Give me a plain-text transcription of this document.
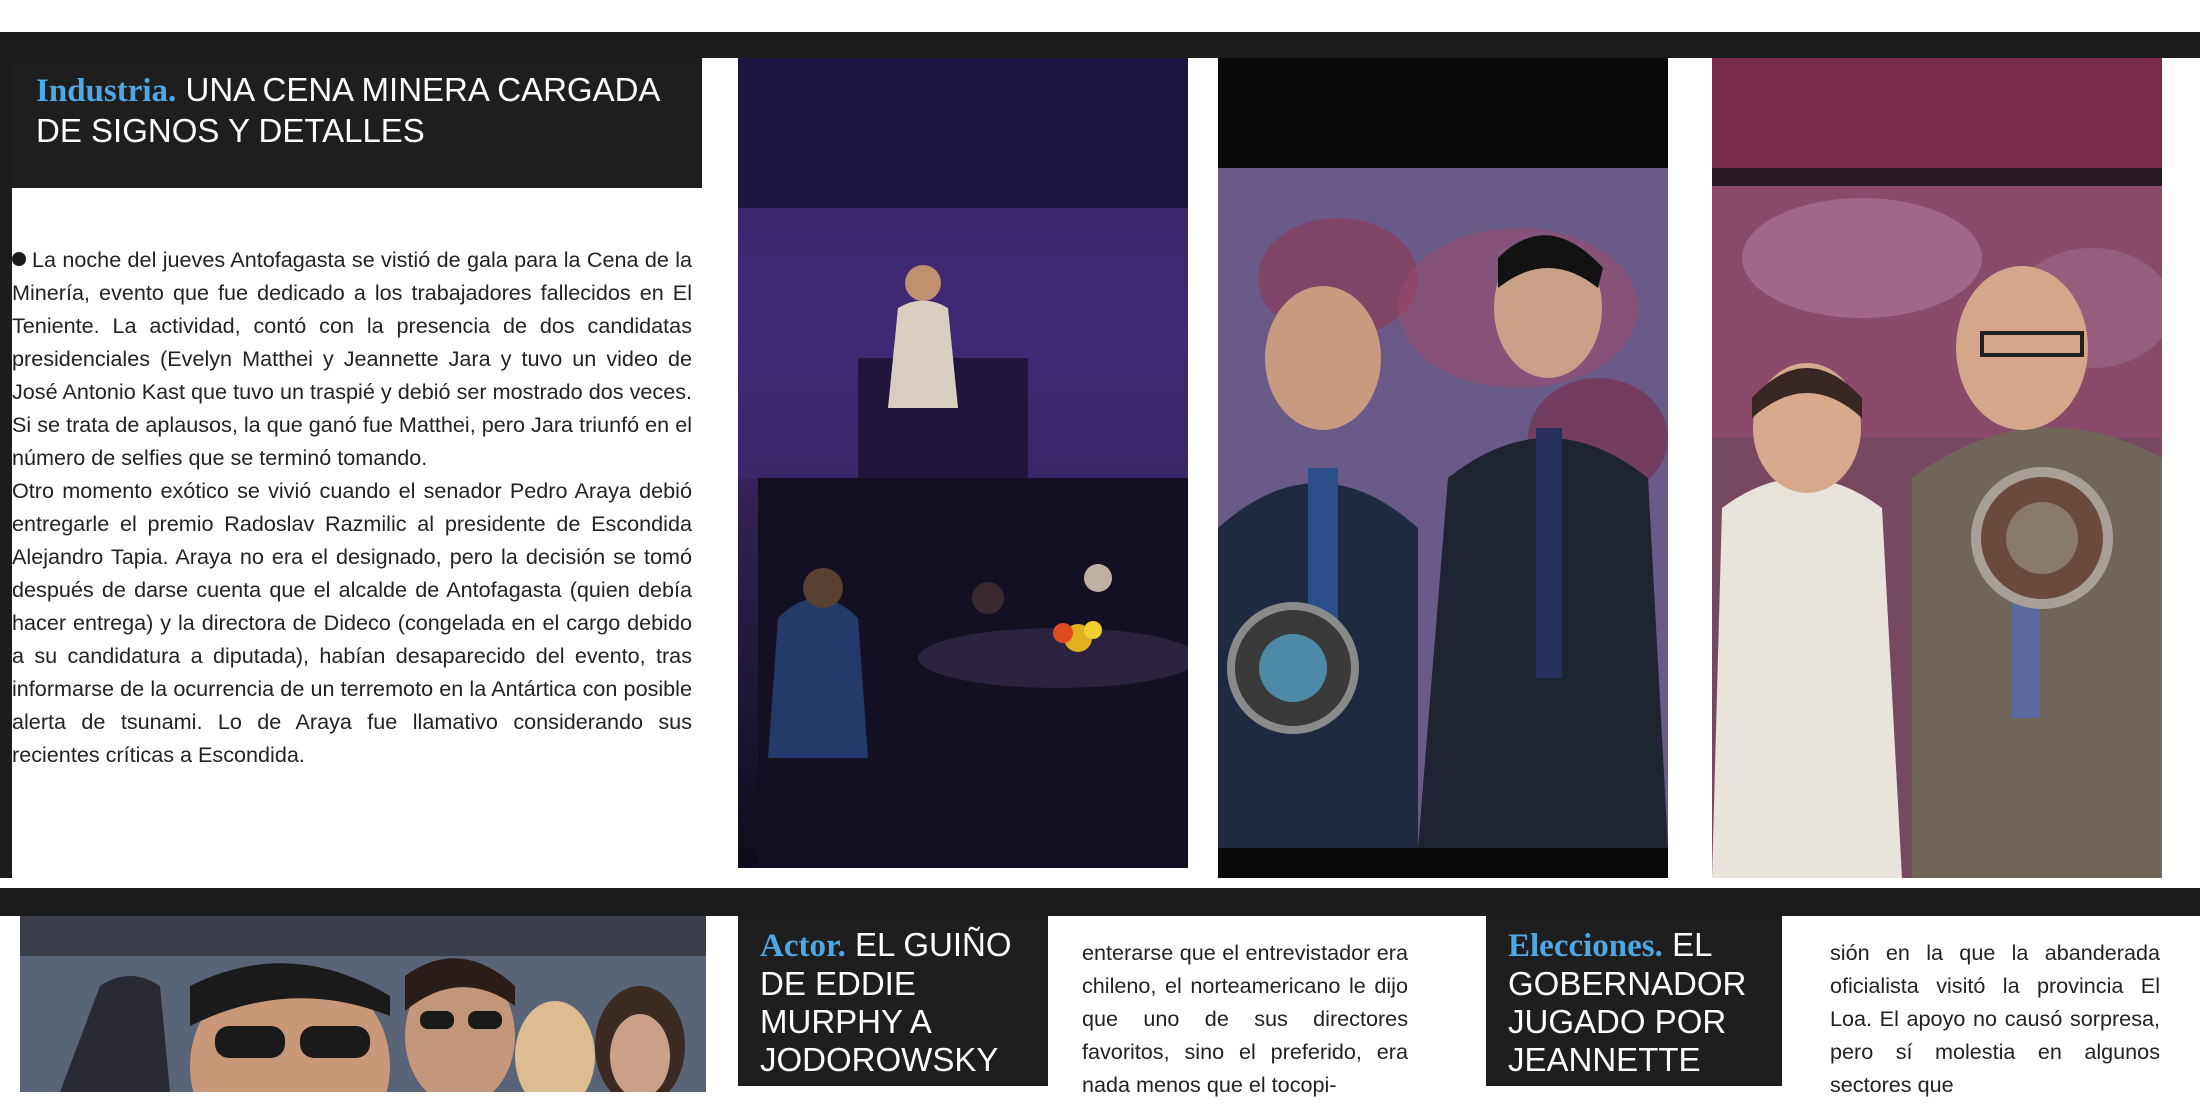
Industria. UNA CENA MINERA CARGADA DE SIGNOS Y DETALLES

La noche del jueves Antofagasta se vistió de gala para la Cena de la Minería, evento que fue dedicado a los trabajadores fallecidos en El Teniente. La actividad, contó con la presencia de dos candidatas presidenciales (Evelyn Matthei y Jeannette Jara y tuvo un video de José Antonio Kast que tuvo un traspié y debió ser mostrado dos veces. Si se trata de aplausos, la que ganó fue Matthei, pero Jara triunfó en el número de selfies que se terminó tomando.

Otro momento exótico se vivió cuando el senador Pedro Araya debió entregarle el premio Radoslav Razmilic al presidente de Escondida Alejandro Tapia. Araya no era el designado, pero la decisión se tomó después de darse cuenta que el alcalde de Antofagasta (quien debía hacer entrega) y la directora de Dideco (congelada en el cargo debido a su candidatura a diputada), habían desaparecido del evento, tras informarse de la ocurrencia de un terremoto en la Antártica con posible alerta de tsunami. Lo de Araya fue llamativo considerando sus recientes críticas a Escondida.

Actor. EL GUIÑO DE EDDIE MURPHY A JODOROWSKY

enterarse que el entrevistador era chileno, el norteamericano le dijo que uno de sus directores favoritos, sino el preferido, era nada menos que el tocopi-

Elecciones. EL GOBERNADOR JUGADO POR JEANNETTE JARA

sión en la que la abanderada oficialista visitó la provincia El Loa. El apoyo no causó sorpresa, pero sí molestia en algunos sectores que
